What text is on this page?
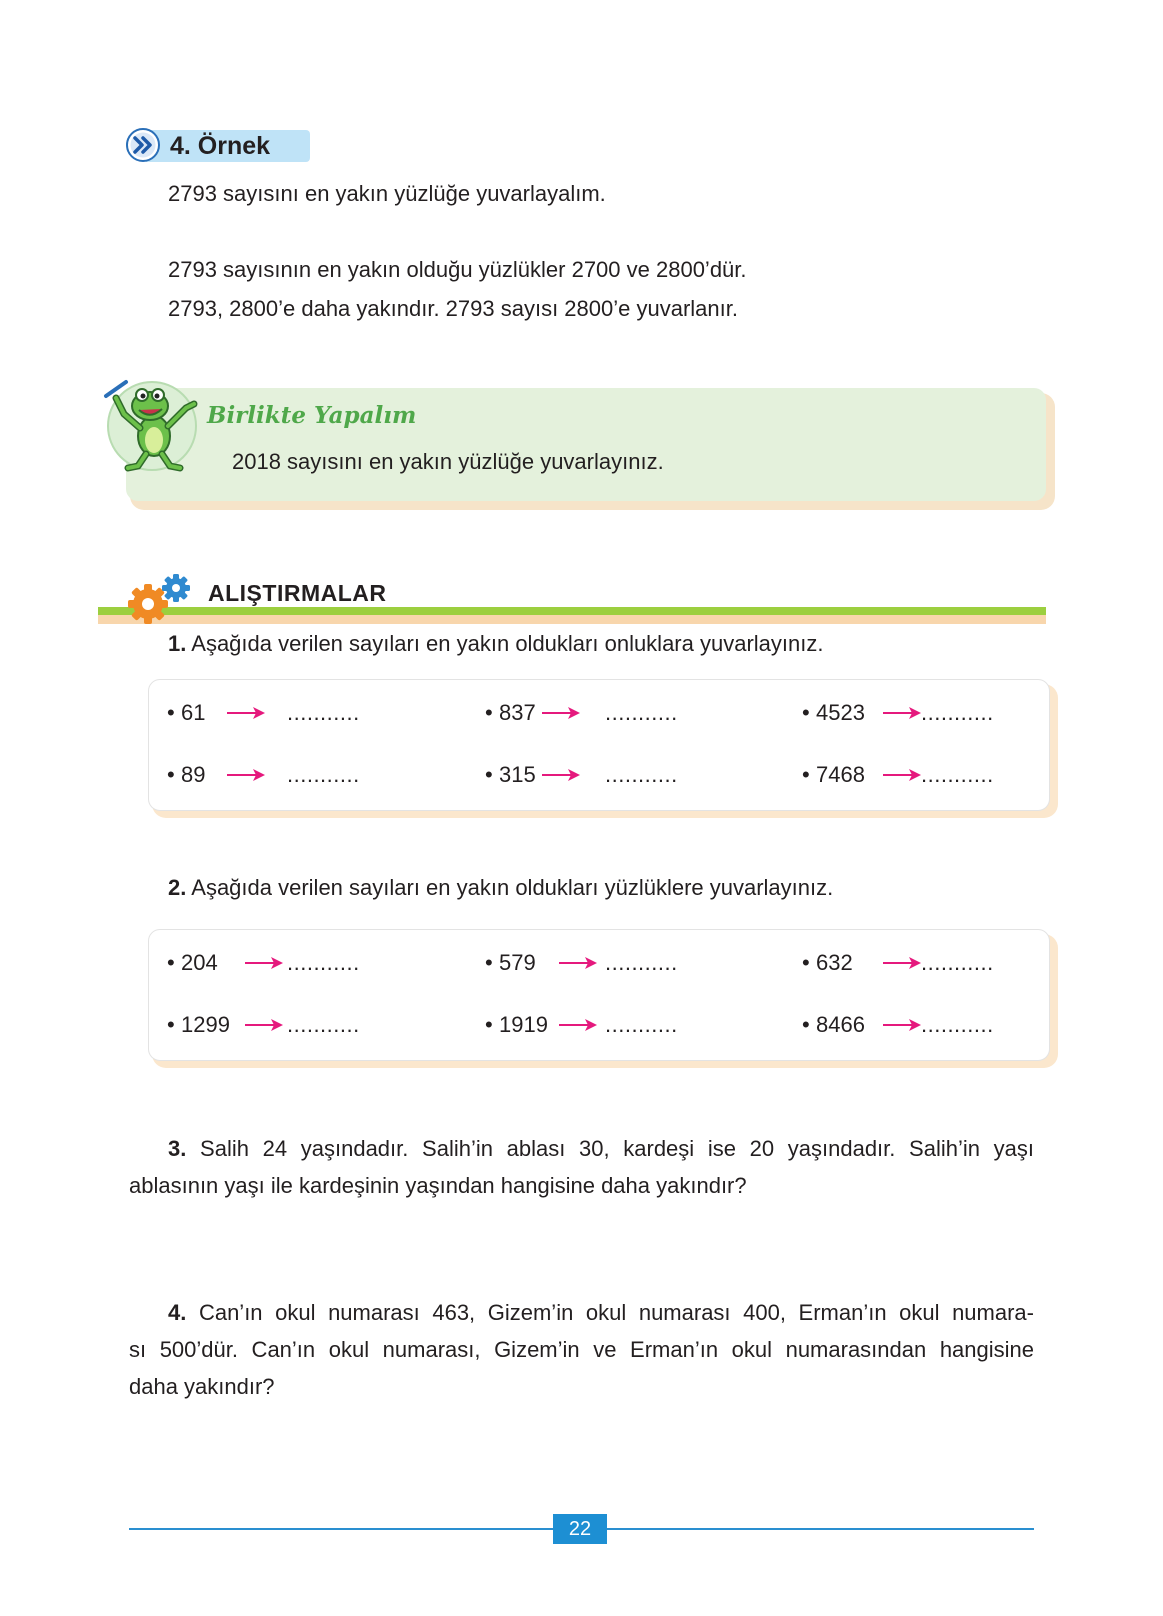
4. Örnek
2793 sayısını en yakın yüzlüğe yuvarlayalım.
2793 sayısının en yakın olduğu yüzlükler 2700 ve 2800’dür.
2793, 2800’e daha yakındır. 2793 sayısı 2800’e yuvarlanır.
Birlikte Yapalım
2018 sayısını en yakın yüzlüğe yuvarlayınız.
ALIŞTIRMALAR
1. Aşağıda verilen sayıları en yakın oldukları onluklara yuvarlayınız.
• 61	...........	• 837	...........	• 4523	...........
• 89	...........	• 315	...........	• 7468	...........
2. Aşağıda verilen sayıları en yakın oldukları yüzlüklere yuvarlayınız.
• 204	...........	• 579	...........	• 632	...........
• 1299	...........	• 1919	...........	• 8466	...........
3. Salih 24 yaşındadır. Salih’in ablası 30, kardeşi ise 20 yaşındadır. Salih’in yaşı
ablasının yaşı ile kardeşinin yaşından hangisine daha yakındır?
4. Can’ın okul numarası 463, Gizem’in okul numarası 400, Erman’ın okul numara-
sı 500’dür. Can’ın okul numarası, Gizem’in ve Erman’ın okul numarasından hangisine
daha yakındır?
22
